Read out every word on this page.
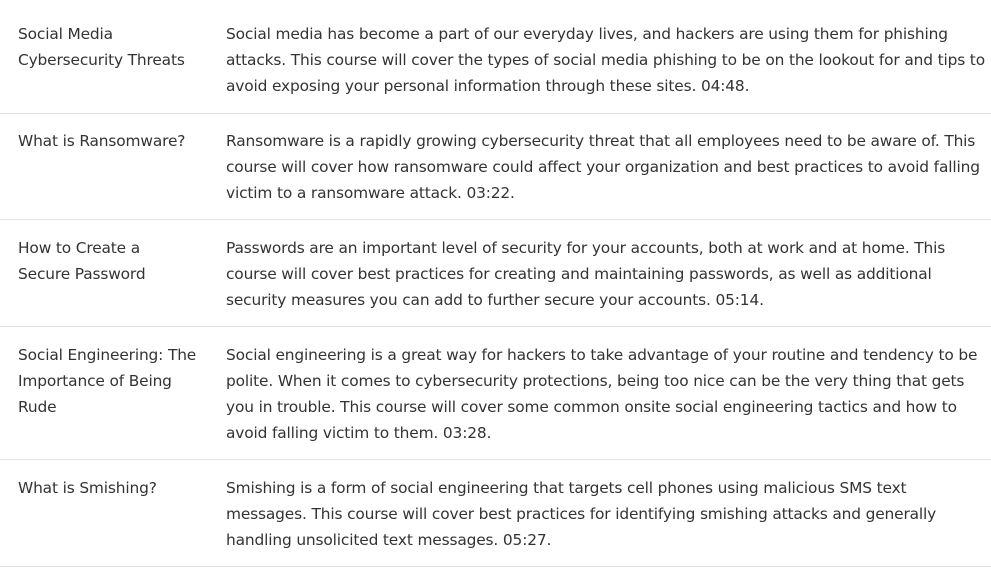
Social Media Cybersecurity Threats

Social media has become a part of our everyday lives, and hackers are using them for phishing attacks. This course will cover the types of social media phishing to be on the lookout for and tips to avoid exposing your personal information through these sites. 04:48.

What is Ransomware?	Ransomware is a rapidly growing cybersecurity threat that all employees need to be aware of. This course will cover how ransomware could affect your organization and best practices to avoid falling victim to a ransomware attack. 03:22.

How to Create a Secure Password

Passwords are an important level of security for your accounts, both at work and at home. This course will cover best practices for creating and maintaining passwords, as well as additional security measures you can add to further secure your accounts. 05:14.

Social Engineering: The Importance of Being Rude

Social engineering is a great way for hackers to take advantage of your routine and tendency to be polite. When it comes to cybersecurity protections, being too nice can be the very thing that gets you in trouble. This course will cover some common onsite social engineering tactics and how to avoid falling victim to them. 03:28.

What is Smishing?	Smishing is a form of social engineering that targets cell phones using malicious SMS text messages. This course will cover best practices for identifying smishing attacks and generally handling unsolicited text messages. 05:27.
